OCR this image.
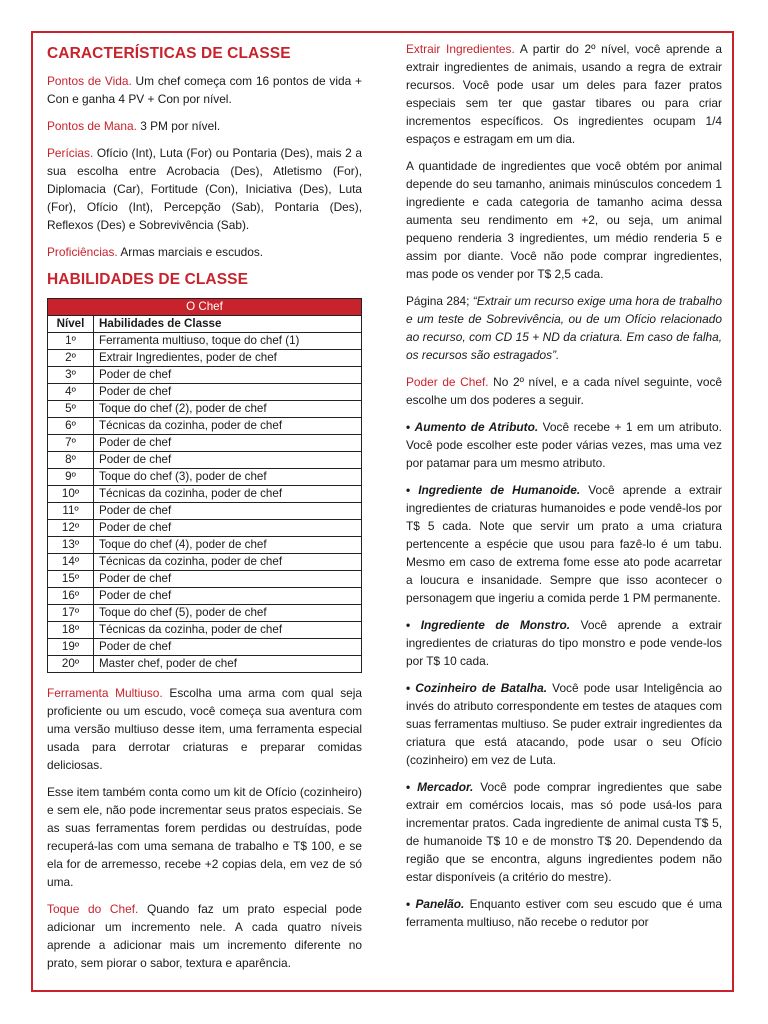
CARACTERÍSTICAS DE CLASSE

Pontos de Vida. Um chef começa com 16 pontos de vida + Con e ganha 4 PV + Con por nível.

Pontos de Mana. 3 PM por nível.

Perícias. Ofício (Int), Luta (For) ou Pontaria (Des), mais 2 a sua escolha entre Acrobacia (Des), Atletismo (For), Diplomacia (Car), Fortitude (Con), Iniciativa (Des), Luta (For), Ofício (Int), Percepção (Sab), Pontaria (Des), Reflexos (Des) e Sobrevivência (Sab).

Proficiências. Armas marciais e escudos.

HABILIDADES DE CLASSE
O Chef	
Nível	Habilidades de Classe
1º	Ferramenta multiuso, toque do chef (1)
2º	Extrair Ingredientes, poder de chef
3º	Poder de chef
4º	Poder de chef
5º	Toque do chef (2), poder de chef
6º	Técnicas da cozinha, poder de chef
7º	Poder de chef
8º	Poder de chef
9º	Toque do chef (3), poder de chef
10º	Técnicas da cozinha, poder de chef
11º	Poder de chef
12º	Poder de chef
13º	Toque do chef (4), poder de chef
14º	Técnicas da cozinha, poder de chef
15º	Poder de chef
16º	Poder de chef
17º	Toque do chef (5), poder de chef
18º	Técnicas da cozinha, poder de chef
19º	Poder de chef
20º	Master chef, poder de chef

Ferramenta Multiuso. Escolha uma arma com qual seja proficiente ou um escudo, você começa sua aventura com uma versão multiuso desse item, uma ferramenta especial usada para derrotar criaturas e preparar comidas deliciosas.

Esse item também conta como um kit de Ofício (cozinheiro) e sem ele, não pode incrementar seus pratos especiais. Se as suas ferramentas forem perdidas ou destruídas, pode recuperá-las com uma semana de trabalho e T$ 100, e se ela for de arremesso, recebe +2 copias dela, em vez de só uma.

Toque do Chef. Quando faz um prato especial pode adicionar um incremento nele. A cada quatro níveis aprende a adicionar mais um incremento diferente no prato, sem piorar o sabor, textura e aparência.

Extrair Ingredientes. A partir do 2º nível, você aprende a extrair ingredientes de animais, usando a regra de extrair recursos. Você pode usar um deles para fazer pratos especiais sem ter que gastar tibares ou para criar incrementos específicos. Os ingredientes ocupam 1/4 espaços e estragam em um dia.

A quantidade de ingredientes que você obtém por animal depende do seu tamanho, animais minúsculos concedem 1 ingrediente e cada categoria de tamanho acima dessa aumenta seu rendimento em +2, ou seja, um animal pequeno renderia 3 ingredientes, um médio renderia 5 e assim por diante. Você não pode comprar ingredientes, mas pode os vender por T$ 2,5 cada.

Página 284; “Extrair um recurso exige uma hora de trabalho e um teste de Sobrevivência, ou de um Ofício relacionado ao recurso, com CD 15 + ND da criatura. Em caso de falha, os recursos são estragados”.

Poder de Chef. No 2º nível, e a cada nível seguinte, você escolhe um dos poderes a seguir.

• Aumento de Atributo. Você recebe + 1 em um atributo. Você pode escolher este poder várias vezes, mas uma vez por patamar para um mesmo atributo.

• Ingrediente de Humanoide. Você aprende a extrair ingredientes de criaturas humanoides e pode vendê-los por T$ 5 cada. Note que servir um prato a uma criatura pertencente a espécie que usou para fazê-lo é um tabu. Mesmo em caso de extrema fome esse ato pode acarretar a loucura e insanidade. Sempre que isso acontecer o personagem que ingeriu a comida perde 1 PM permanente.

• Ingrediente de Monstro. Você aprende a extrair ingredientes de criaturas do tipo monstro e pode vende-los por T$ 10 cada.

• Cozinheiro de Batalha. Você pode usar Inteligência ao invés do atributo correspondente em testes de ataques com suas ferramentas multiuso. Se puder extrair ingredientes da criatura que está atacando, pode usar o seu Ofício (cozinheiro) em vez de Luta.

• Mercador. Você pode comprar ingredientes que sabe extrair em comércios locais, mas só pode usá-los para incrementar pratos. Cada ingrediente de animal custa T$ 5, de humanoide T$ 10 e de monstro T$ 20. Dependendo da região que se encontra, alguns ingredientes podem não estar disponíveis (a critério do mestre).

• Panelão. Enquanto estiver com seu escudo que é uma ferramenta multiuso, não recebe o redutor por
